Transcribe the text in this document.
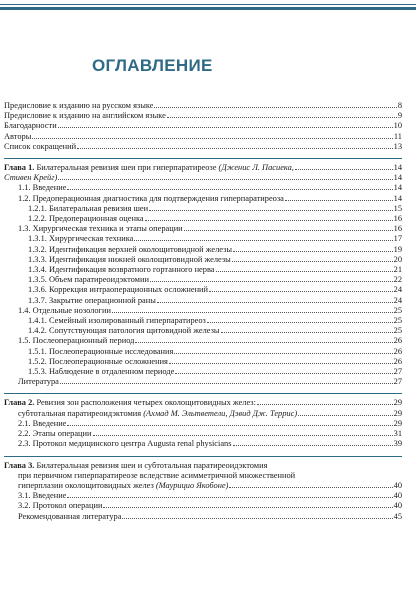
ОГЛАВЛЕНИЕ
Предисловие к изданию на русском языке	8
Предисловие к изданию на английском языке	9
Благодарности	10
Авторы	11
Список сокращений	13
Глава 1. Билатеральная ревизия шеи при гиперпаратиреозе (Дженис Л. Пасиека,	14
Стивен Крейг)	14
1.1. Введение	14
1.2. Предоперационная диагностика для подтверждения гиперпаратиреоза	14
1.2.1. Билатеральная ревизия шеи	15
1.2.2. Предоперационная оценка	16
1.3. Хирургическая техника и этапы операции	16
1.3.1. Хирургическая техника	17
1.3.2. Идентификация верхней околощитовидной железы	19
1.3.3. Идентификация нижней околощитовидной железы	20
1.3.4. Идентификация возвратного гортанного нерва	21
1.3.5. Объем паратиреоидэктомии	22
1.3.6. Коррекция интраоперационных осложнений	24
1.3.7. Закрытие операционной раны	24
1.4. Отдельные нозологии	25
1.4.1. Семейный изолированный гиперпаратиреоз	25
1.4.2. Сопутствующая патология щитовидной железы	25
1.5. Послеоперационный период	26
1.5.1. Послеоперационные исследования	26
1.5.2. Послеоперационные осложнения	26
1.5.3. Наблюдение в отдаленном периоде	27
Литература	27
Глава 2. Ревизия зон расположения четырех околощитовидных желез:	29
субтотальная паратиреоидэктомия (Ахмад М. Эльтветели, Дэвид Дж. Террис)	29
2.1. Введение	29
2.2. Этапы операции	31
2.3. Протокол медицинского центра Augusta renal physicians	39
Глава 3. Билатеральная ревизия шеи и субтотальная паратиреоидэктомия
при первичном гиперпаратиреозе вследствие асимметричной множественной
гиперплазии околощитовидных желез (Маурицио Якобоне)	40
3.1. Введение	40
3.2. Протокол операции	40
Рекомендованная литература	45
